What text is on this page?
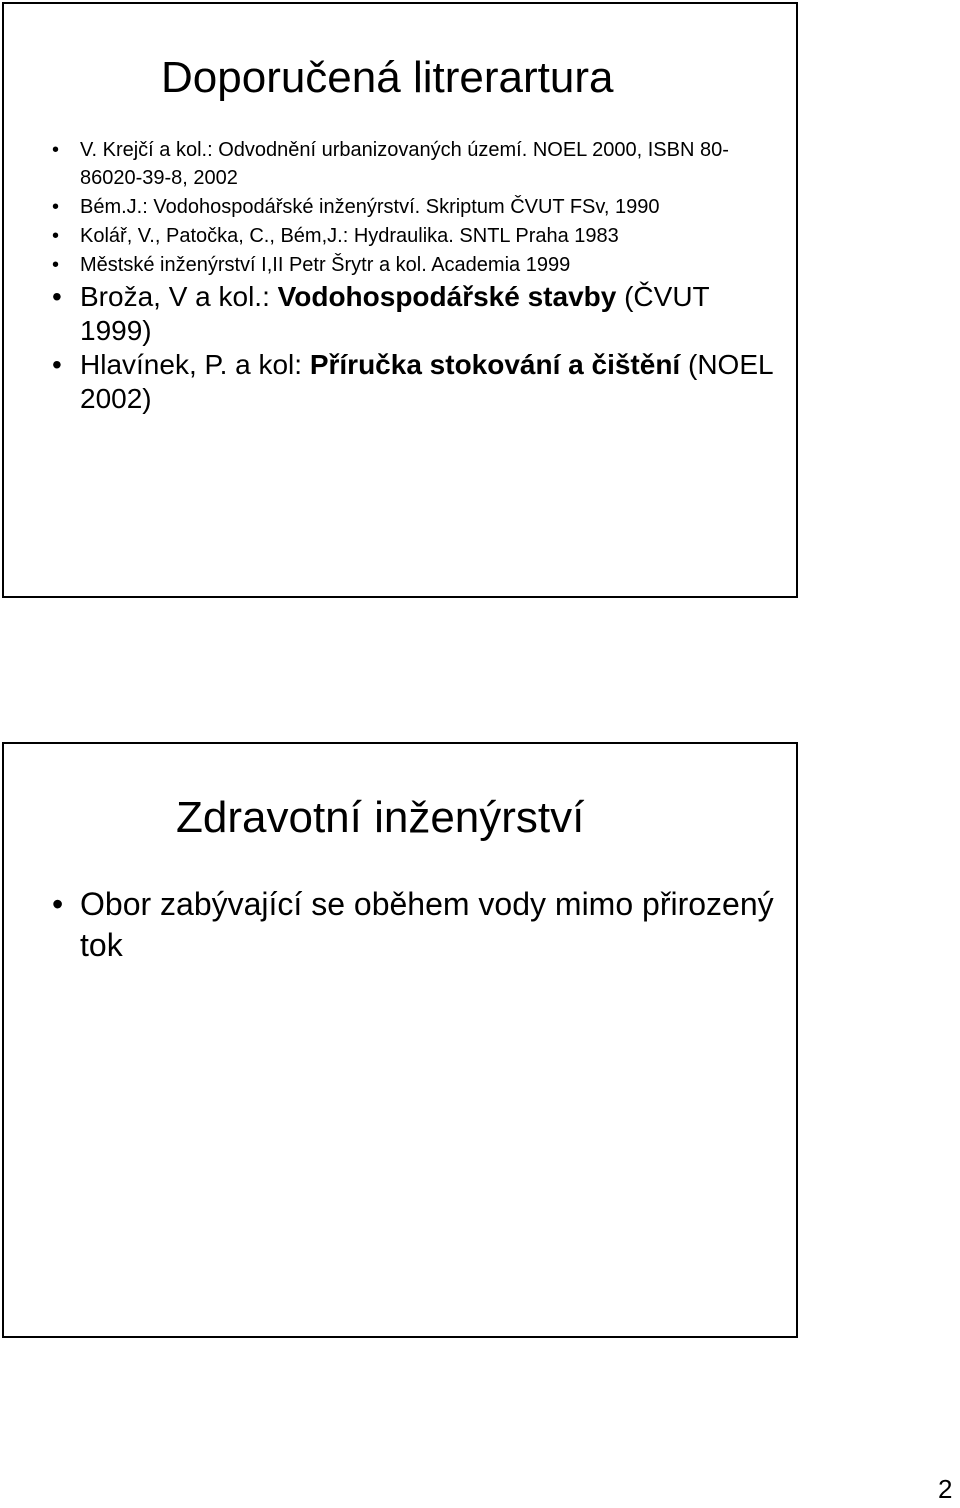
Doporučená litrerartura
• V. Krejčí a kol.: Odvodnění urbanizovaných území. NOEL 2000, ISBN 80-86020-39-8, 2002
• Bém.J.: Vodohospodářské inženýrství. Skriptum ČVUT FSv, 1990
• Kolář, V., Patočka, C., Bém,J.: Hydraulika. SNTL Praha 1983
• Městské inženýrství I,II Petr Šrytr a kol. Academia 1999
• Broža, V a kol.: Vodohospodářské stavby (ČVUT 1999)
• Hlavínek, P. a kol: Příručka stokování a čištění (NOEL 2002)
Zdravotní inženýrství
• Obor zabývající se oběhem vody mimo přirozený tok
2
